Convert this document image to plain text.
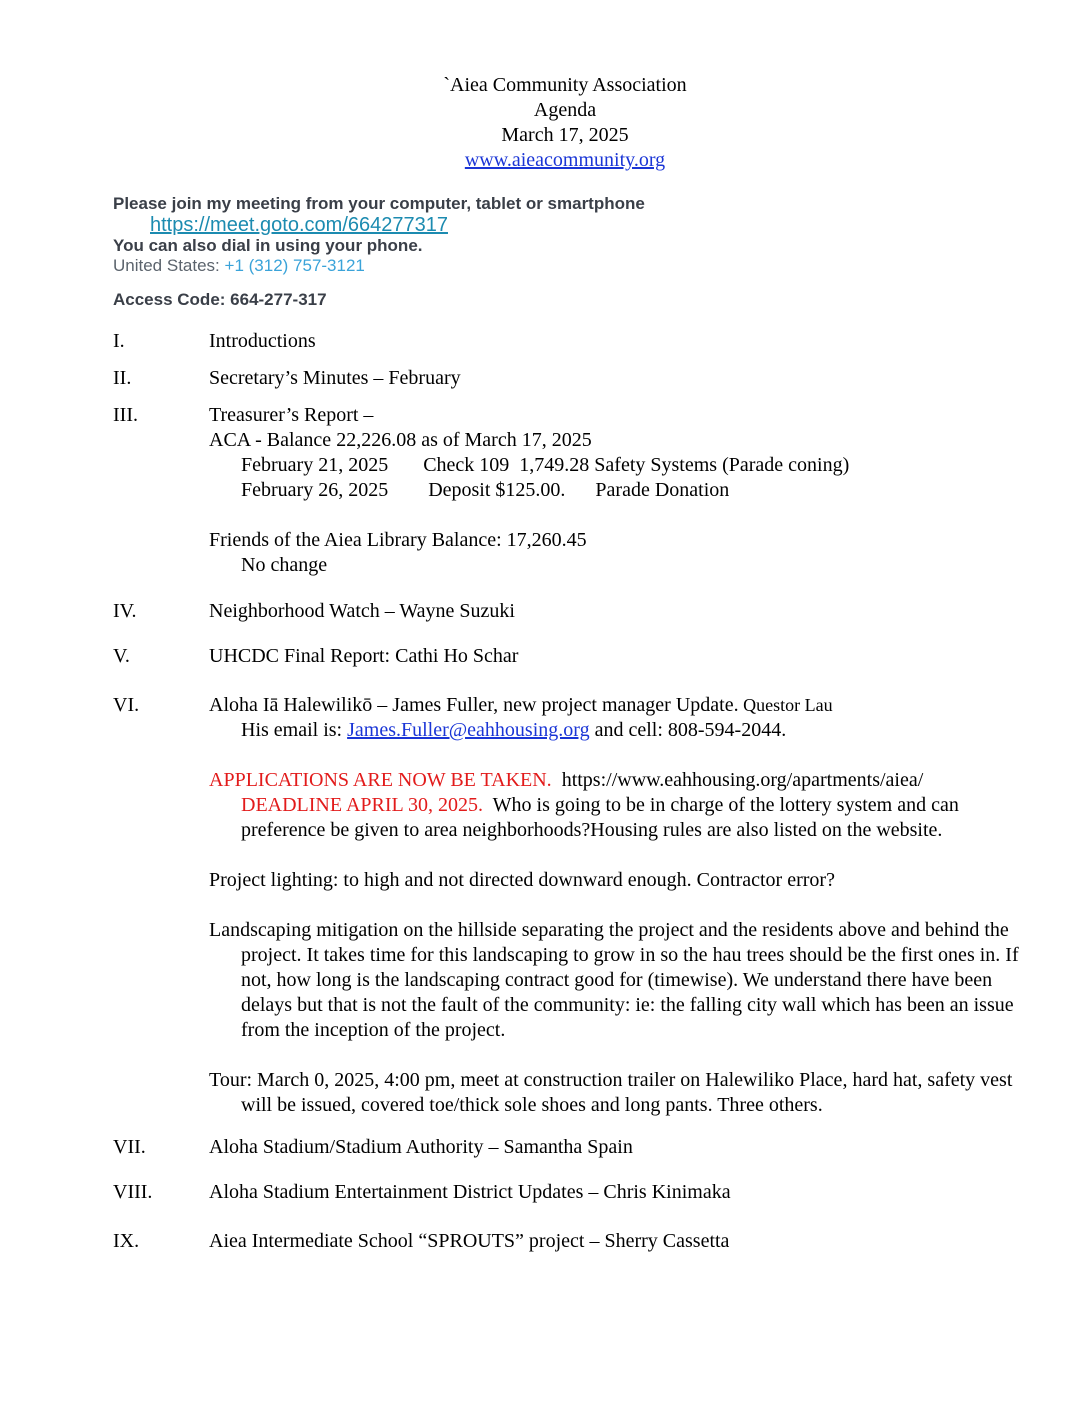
`Aiea Community Association
Agenda
March 17, 2025
www.aieacommunity.org
Please join my meeting from your computer, tablet or smartphone
https://meet.goto.com/664277317
You can also dial in using your phone.
United States: +1 (312) 757-3121
Access Code: 664-277-317
I.	Introductions
II.	Secretary’s Minutes – February
III.	Treasurer’s Report –
ACA - Balance 22,226.08 as of March 17, 2025
February 21, 2025       Check 109  1,749.28 Safety Systems (Parade coning)
February 26, 2025        Deposit $125.00.      Parade Donation
Friends of the Aiea Library Balance: 17,260.45
No change
IV.	Neighborhood Watch – Wayne Suzuki
V.	UHCDC Final Report: Cathi Ho Schar
VI.	Aloha Iā Halewilikō – James Fuller, new project manager Update. Questor Lau
His email is: James.Fuller@eahhousing.org and cell: 808-594-2044.
APPLICATIONS ARE NOW BE TAKEN.  https://www.eahhousing.org/apartments/aiea/
DEADLINE APRIL 30, 2025.  Who is going to be in charge of the lottery system and can preference be given to area neighborhoods?Housing rules are also listed on the website.
Project lighting: to high and not directed downward enough. Contractor error?
Landscaping mitigation on the hillside separating the project and the residents above and behind the project. It takes time for this landscaping to grow in so the hau trees should be the first ones in. If not, how long is the landscaping contract good for (timewise). We understand there have been delays but that is not the fault of the community: ie: the falling city wall which has been an issue from the inception of the project.
Tour: March 0, 2025, 4:00 pm, meet at construction trailer on Halewiliko Place, hard hat, safety vest will be issued, covered toe/thick sole shoes and long pants. Three others.
VII.	Aloha Stadium/Stadium Authority – Samantha Spain
VIII.	Aloha Stadium Entertainment District Updates – Chris Kinimaka
IX.	Aiea Intermediate School “SPROUTS” project – Sherry Cassetta
